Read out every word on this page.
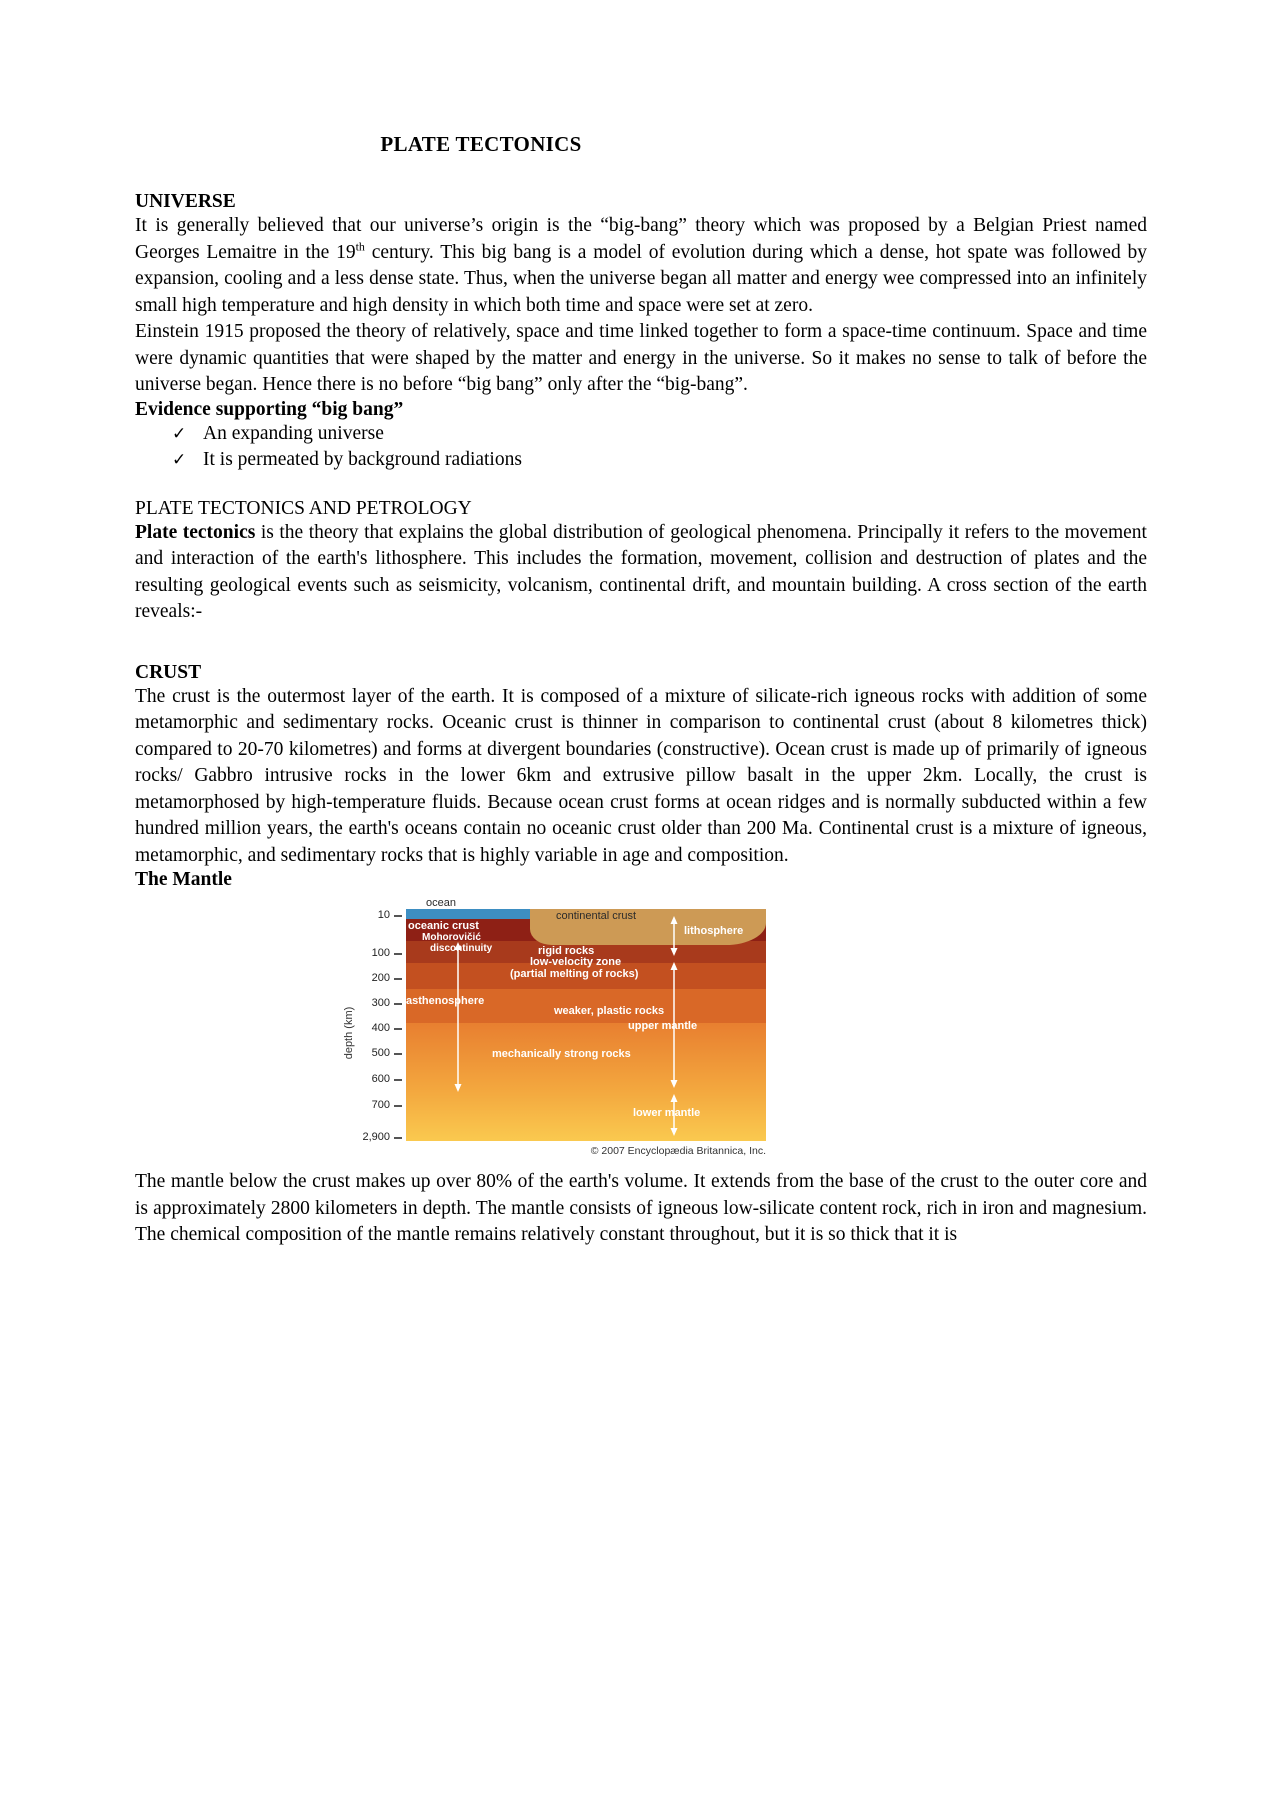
PLATE TECTONICS
UNIVERSE

It is generally believed that our universe’s origin is the “big-bang” theory which was proposed by a Belgian Priest named Georges Lemaitre in the 19th century. This big bang is a model of evolution during which a dense, hot spate was followed by expansion, cooling and a less dense state. Thus, when the universe began all matter and energy wee compressed into an infinitely small high temperature and high density in which both time and space were set at zero.

Einstein 1915 proposed the theory of relatively, space and time linked together to form a space-time continuum. Space and time were dynamic quantities that were shaped by the matter and energy in the universe. So it makes no sense to talk of before the universe began. Hence there is no before “big bang” only after the “big-bang”.

Evidence supporting “big bang”
✓ An expanding universe
✓ It is permeated by background radiations
PLATE TECTONICS AND PETROLOGY

Plate tectonics is the theory that explains the global distribution of geological phenomena. Principally it refers to the movement and interaction of the earth's lithosphere. This includes the formation, movement, collision and destruction of plates and the resulting geological events such as seismicity, volcanism, continental drift, and mountain building. A cross section of the earth reveals:-

CRUST

The crust is the outermost layer of the earth. It is composed of a mixture of silicate-rich igneous rocks with addition of some metamorphic and sedimentary rocks. Oceanic crust is thinner in comparison to continental crust (about 8 kilometres thick) compared to 20-70 kilometres) and forms at divergent boundaries (constructive). Ocean crust is made up of primarily of igneous rocks/ Gabbro intrusive rocks in the lower 6km and extrusive pillow basalt in the upper 2km. Locally, the crust is metamorphosed by high-temperature fluids. Because ocean crust forms at ocean ridges and is normally subducted within a few hundred million years, the earth's oceans contain no oceanic crust older than 200 Ma. Continental crust is a mixture of igneous, metamorphic, and sedimentary rocks that is highly variable in age and composition.

The Mantle
depth (km)
10
100
200
300
400
500
600
700
2,900
ocean
oceanic crust
continental crust
Mohorovičić
discontinuity	rigid rocks
lithosphere
low-velocity zone
(partial melting of rocks)
asthenosphere
weaker, plastic rocks
upper mantle
mechanically strong rocks
lower mantle
© 2007 Encyclopædia Britannica, Inc.

The mantle below the crust makes up over 80% of the earth's volume. It extends from the base of the crust to the outer core and is approximately 2800 kilometers in depth. The mantle consists of igneous low-silicate content rock, rich in iron and magnesium. The chemical composition of the mantle remains relatively constant throughout, but it is so thick that it is
